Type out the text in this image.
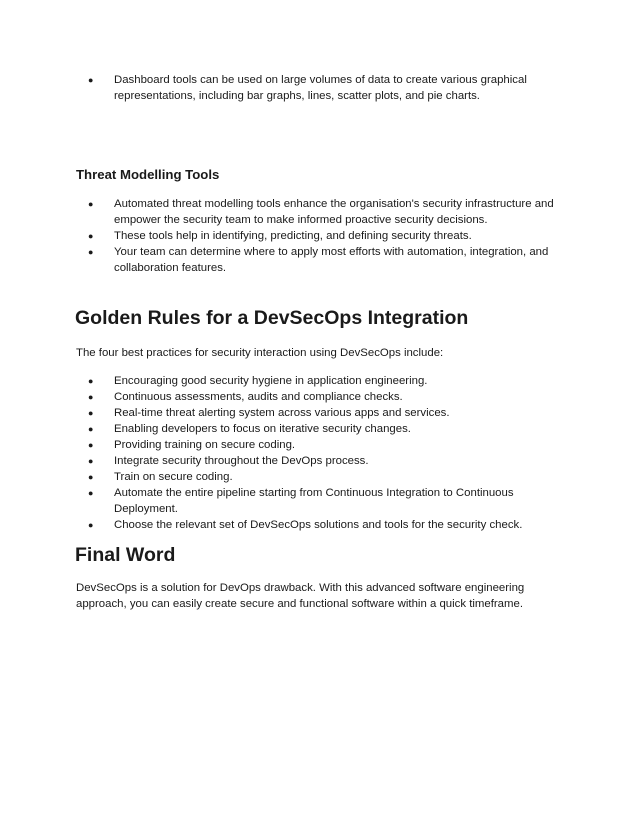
● Dashboard tools can be used on large volumes of data to create various graphical representations, including bar graphs, lines, scatter plots, and pie charts.
Threat Modelling Tools
● Automated threat modelling tools enhance the organisation's security infrastructure and empower the security team to make informed proactive security decisions.
● These tools help in identifying, predicting, and defining security threats.
● Your team can determine where to apply most efforts with automation, integration, and collaboration features.
Golden Rules for a DevSecOps Integration

The four best practices for security interaction using DevSecOps include:

● Encouraging good security hygiene in application engineering.
● Continuous assessments, audits and compliance checks.
● Real-time threat alerting system across various apps and services.
● Enabling developers to focus on iterative security changes.
● Providing training on secure coding.
● Integrate security throughout the DevOps process.
● Train on secure coding.
● Automate the entire pipeline starting from Continuous Integration to Continuous Deployment.
● Choose the relevant set of DevSecOps solutions and tools for the security check.
Final Word

DevSecOps is a solution for DevOps drawback. With this advanced software engineering approach, you can easily create secure and functional software within a quick timeframe.
